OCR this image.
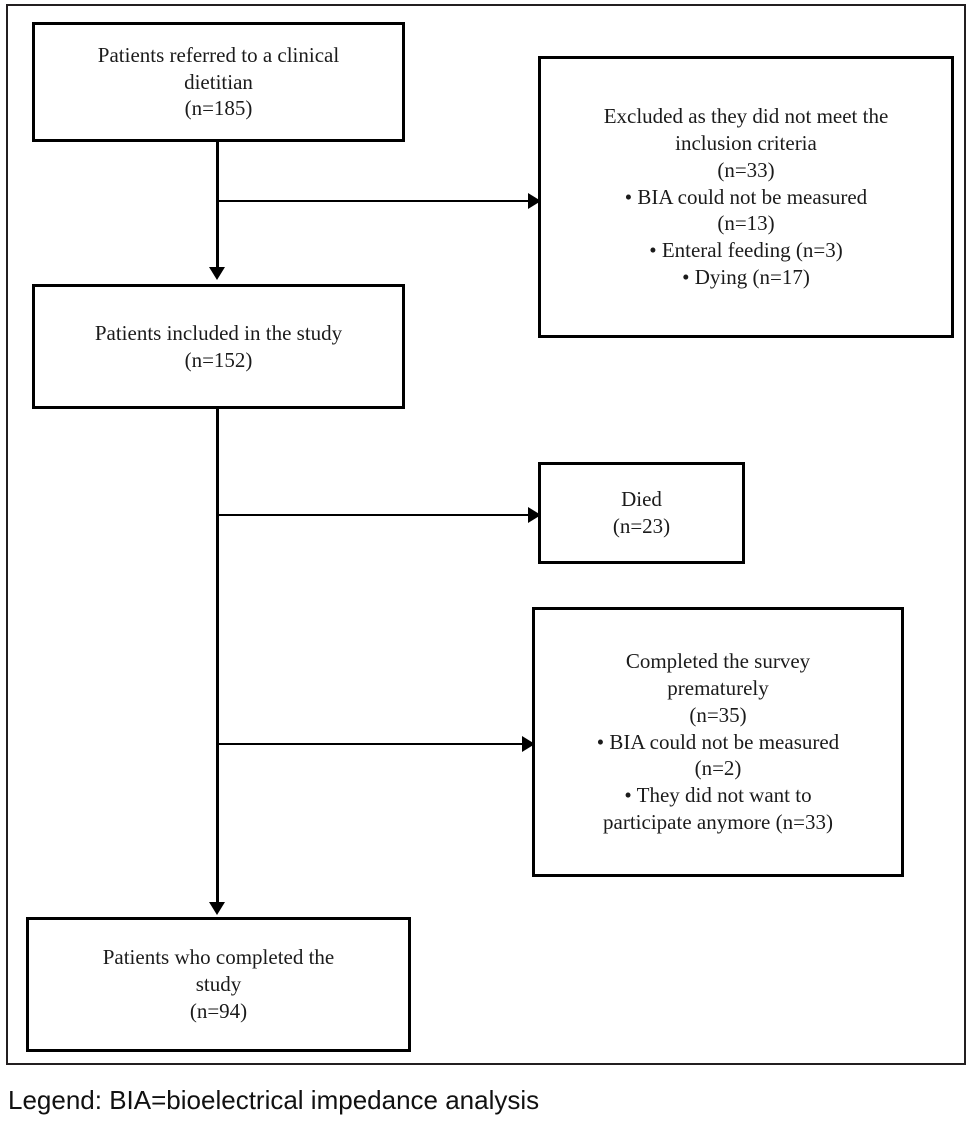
Patients referred to a clinical
dietitian
(n=185)	Excluded as they did not meet the
inclusion criteria
(n=33)
• BIA could not be measured
(n=13)
• Enteral feeding (n=3)
• Dying (n=17)
Patients included in the study
(n=152)
Died
(n=23)
Completed the survey
prematurely
(n=35)
• BIA could not be measured
(n=2)
• They did not want to
participate anymore (n=33)
Patients who completed the
study
(n=94)
Legend: BIA=bioelectrical impedance analysis
